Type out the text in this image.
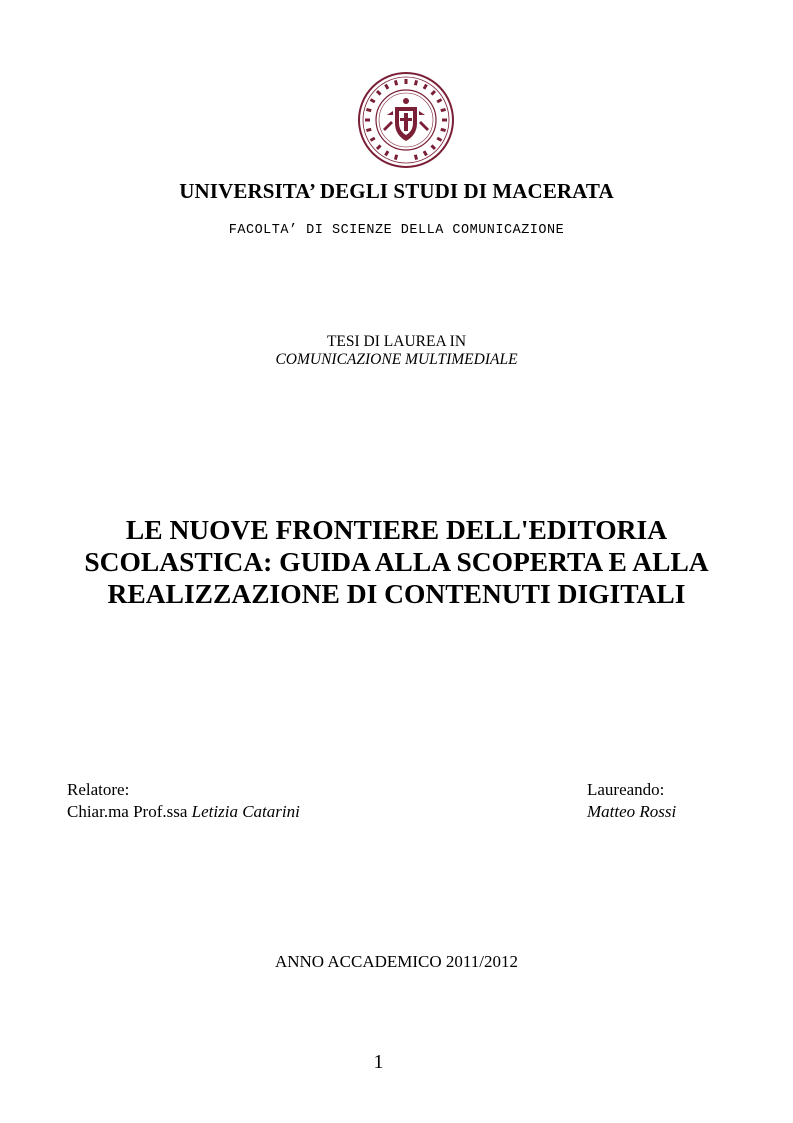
UNIVERSITA’ DEGLI STUDI DI MACERATA
FACOLTA’ DI SCIENZE DELLA COMUNICAZIONE
TESI DI LAUREA IN
COMUNICAZIONE MULTIMEDIALE
LE NUOVE FRONTIERE DELL'EDITORIA
SCOLASTICA: GUIDA ALLA SCOPERTA E ALLA
REALIZZAZIONE DI CONTENUTI DIGITALI
Relatore:
Chiar.ma Prof.ssa Letizia Catarini
Laureando:
Matteo Rossi
ANNO ACCADEMICO 2011/2012
1
